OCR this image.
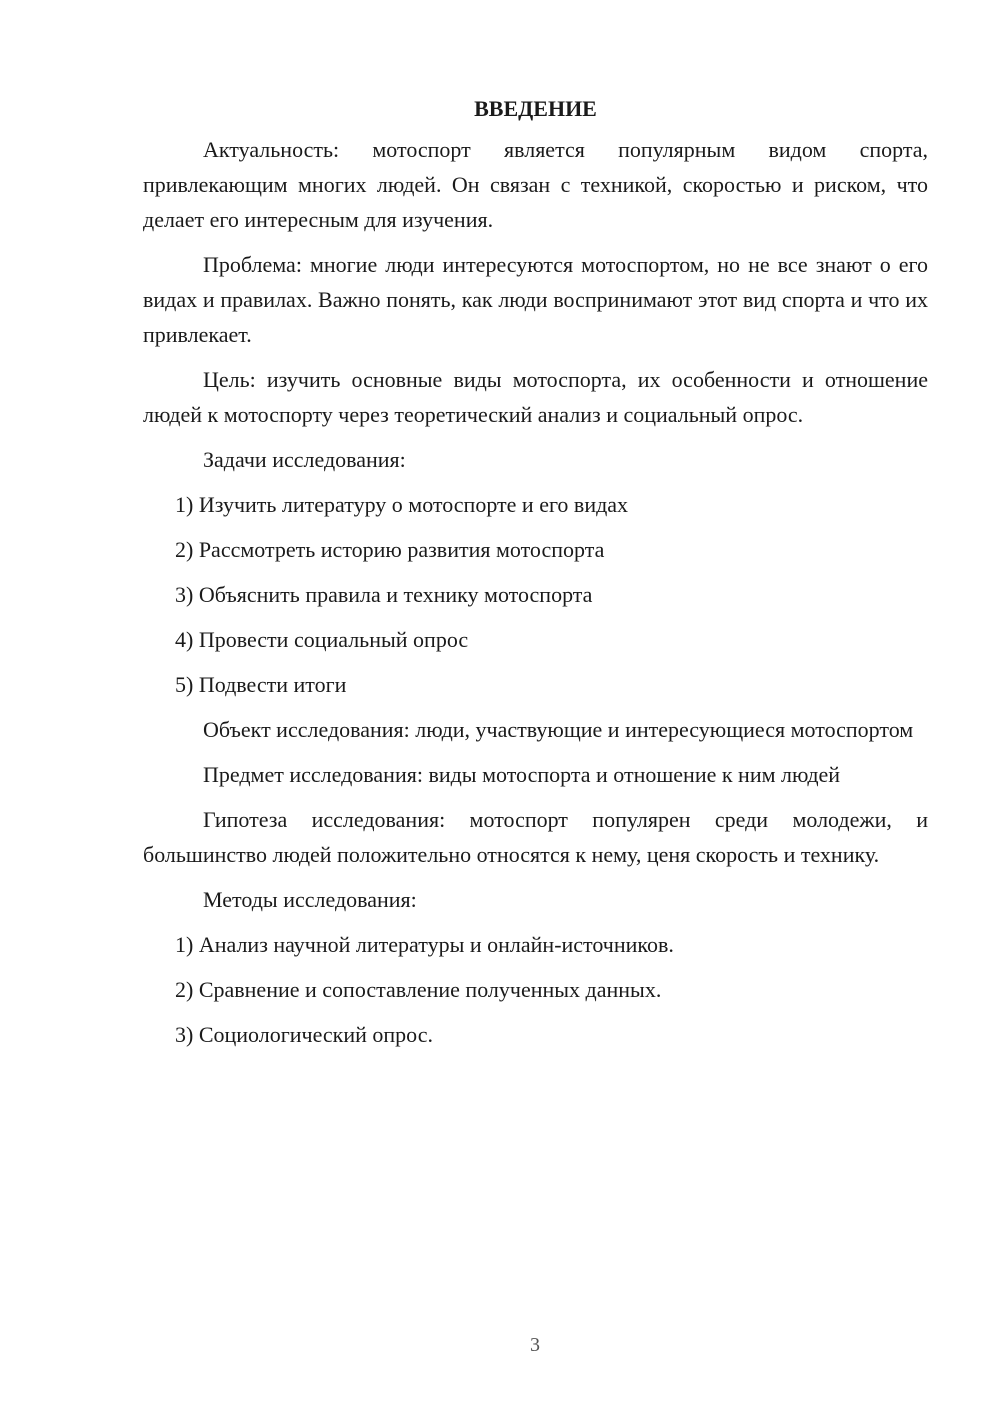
ВВЕДЕНИЕ

Актуальность: мотоспорт является популярным видом спорта, привлекающим многих людей. Он связан с техникой, скоростью и риском, что делает его интересным для изучения.

Проблема: многие люди интересуются мотоспортом, но не все знают о его видах и правилах. Важно понять, как люди воспринимают этот вид спорта и что их привлекает.

Цель: изучить основные виды мотоспорта, их особенности и отношение людей к мотоспорту через теоретический анализ и социальный опрос.

Задачи исследования:

1) Изучить литературу о мотоспорте и его видах

2) Рассмотреть историю развития мотоспорта

3) Объяснить правила и технику мотоспорта

4) Провести социальный опрос

5) Подвести итоги

Объект исследования: люди, участвующие и интересующиеся мотоспортом

Предмет исследования: виды мотоспорта и отношение к ним людей

Гипотеза исследования: мотоспорт популярен среди молодежи, и большинство людей положительно относятся к нему, ценя скорость и технику.

Методы исследования:

1) Анализ научной литературы и онлайн-источников.

2) Сравнение и сопоставление полученных данных.

3) Социологический опрос.

3
